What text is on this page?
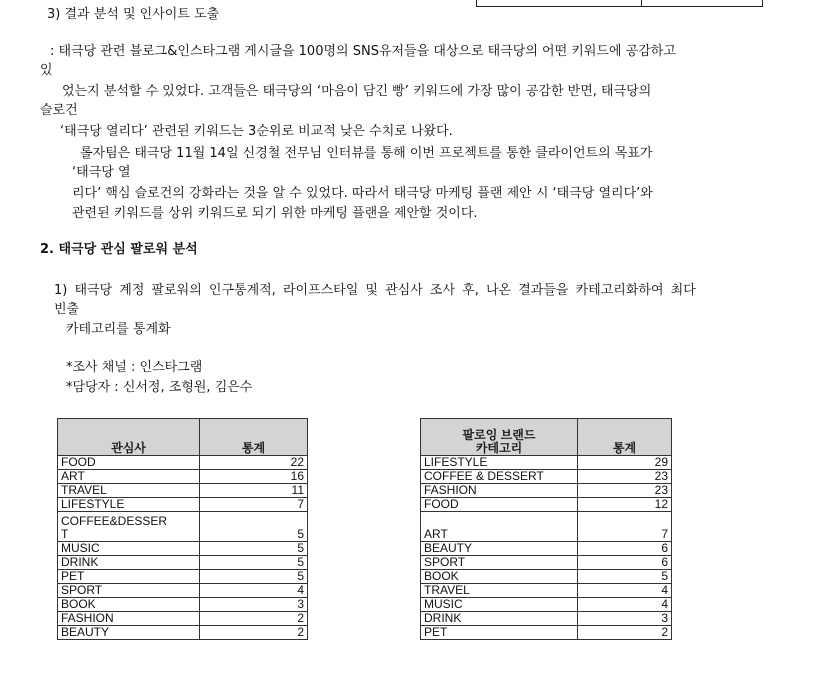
3) 결과 분석 및 인사이트 도출
: 태극당 관련 블로그&인스타그램 게시글을 100명의 SNS유저들을 대상으로 태극당의 어떤 키워드에 공감하고
있
었는지 분석할 수 있었다. 고객들은 태극당의 ‘마음이 담긴 빵’ 키워드에 가장 많이 공감한 반면, 태극당의
슬로건
‘태극당 열리다’ 관련된 키워드는 3순위로 비교적 낮은 수치로 나왔다.
롤자팀은 태극당 11월 14일 신경철 전무님 인터뷰를 통해 이번 프로젝트를 통한 클라이언트의 목표가
‘태극당 열
리다’ 핵심 슬로건의 강화라는 것을 알 수 있었다. 따라서 태극당 마케팅 플랜 제안 시 ‘태극당 열리다’와
관련된 키워드를 상위 키워드로 되기 위한 마케팅 플랜을 제안할 것이다.
2. 태극당 관심 팔로워 분석
1) 태극당 계정 팔로워의 인구통계적, 라이프스타일 및 관심사 조사 후, 나온 결과들을 카테고리화하여 최다
빈출
카테고리를 통계화
*조사 채널 : 인스타그램
*담당자 : 신서정, 조형원, 김은수
관심사	통계
FOOD	22
ART	16
TRAVEL	11
LIFESTYLE	7
COFFEE&DESSER
T	5
MUSIC	5
DRINK	5
PET	5
SPORT	4
BOOK	3
FASHION	2
BEAUTY	2
팔로잉 브랜드
카테고리	통계
LIFESTYLE	29
COFFEE & DESSERT	23
FASHION	23
FOOD	12
ART	7
BEAUTY	6
SPORT	6
BOOK	5
TRAVEL	4
MUSIC	4
DRINK	3
PET	2
